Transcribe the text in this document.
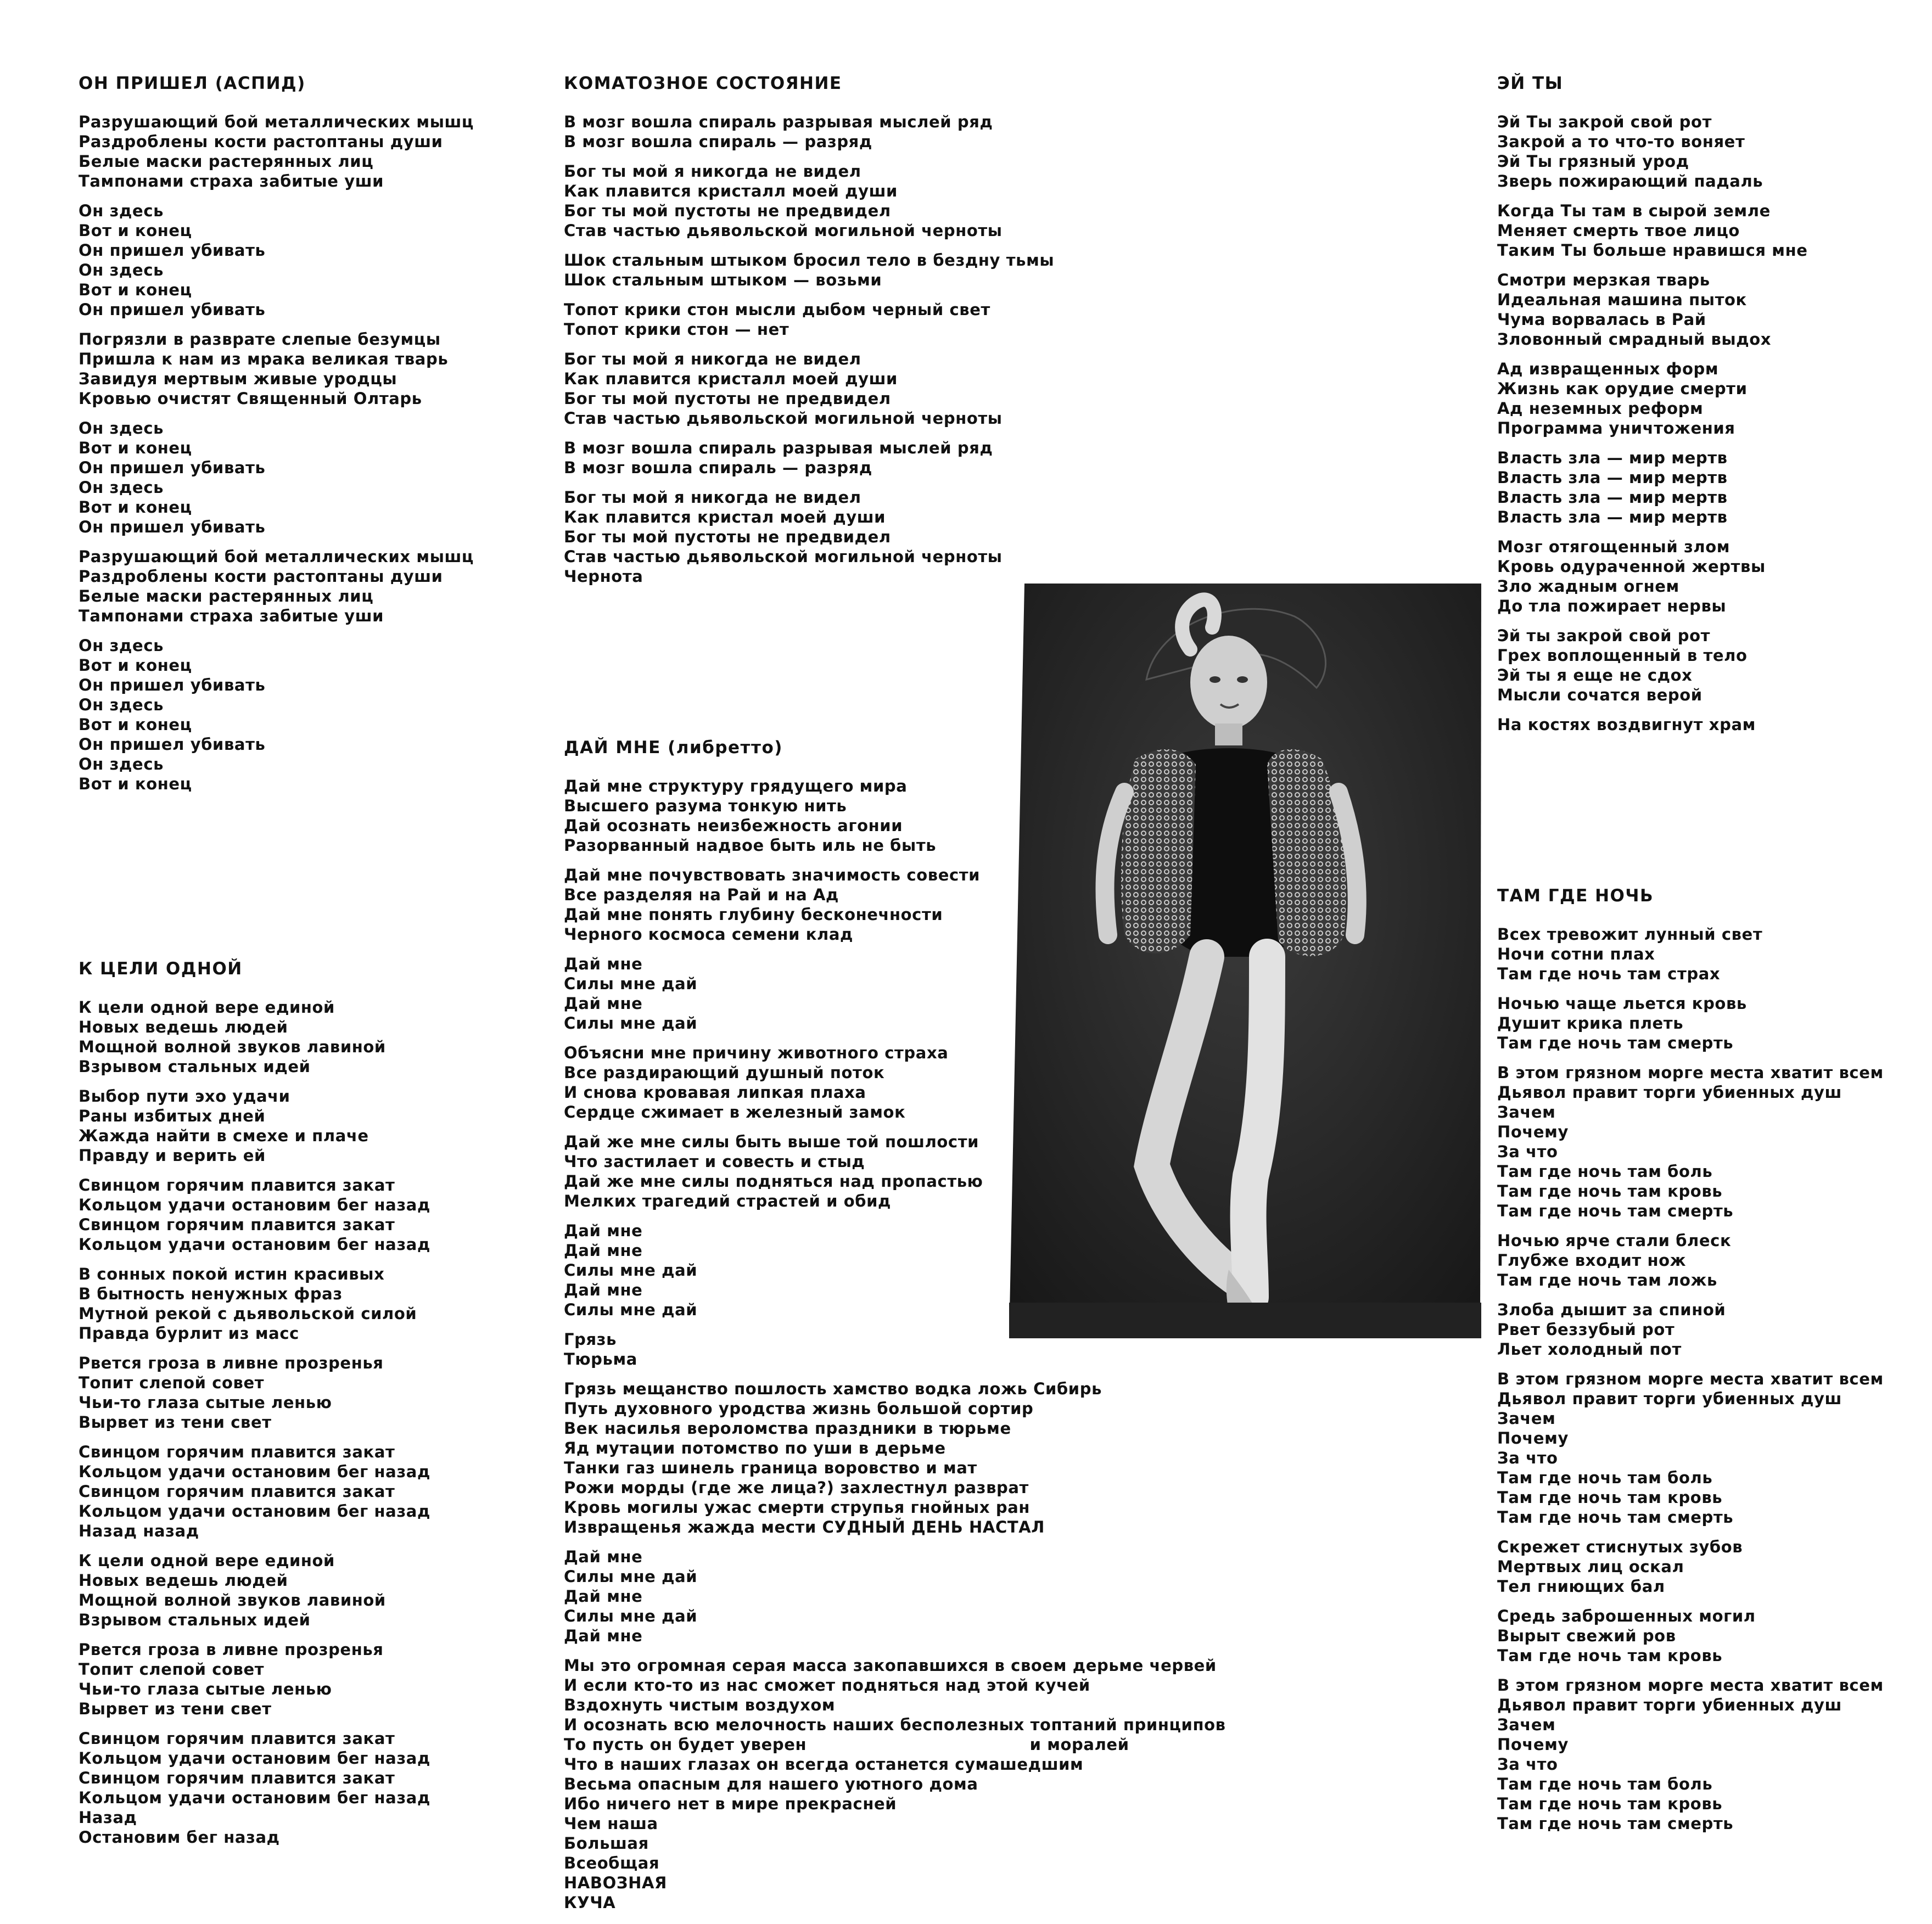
ОН ПРИШЕЛ (АСПИД)
Разрушающий бой металлических мышц
Раздроблены кости растоптаны души
Белые маски растерянных лиц
Тампонами страха забитые уши
Он здесь
Вот и конец
Он пришел убивать
Он здесь
Вот и конец
Он пришел убивать
Погрязли в разврате слепые безумцы
Пришла к нам из мрака великая тварь
Завидуя мертвым живые уродцы
Кровью очистят Священный Олтарь
Он здесь
Вот и конец
Он пришел убивать
Он здесь
Вот и конец
Он пришел убивать
Разрушающий бой металлических мышц
Раздроблены кости растоптаны души
Белые маски растерянных лиц
Тампонами страха забитые уши
Он здесь
Вот и конец
Он пришел убивать
Он здесь
Вот и конец
Он пришел убивать
Он здесь
Вот и конец
К ЦЕЛИ ОДНОЙ
К цели одной вере единой
Новых ведешь людей
Мощной волной звуков лавиной
Взрывом стальных идей
Выбор пути эхо удачи
Раны избитых дней
Жажда найти в смехе и плаче
Правду и верить ей
Свинцом горячим плавится закат
Кольцом удачи остановим бег назад
Свинцом горячим плавится закат
Кольцом удачи остановим бег назад
В сонных покой истин красивых
В бытность ненужных фраз
Мутной рекой с дьявольской силой
Правда бурлит из масс
Рвется гроза в ливне прозренья
Топит слепой совет
Чьи-то глаза сытые ленью
Вырвет из тени свет
Свинцом горячим плавится закат
Кольцом удачи остановим бег назад
Свинцом горячим плавится закат
Кольцом удачи остановим бег назад
Назад назад
К цели одной вере единой
Новых ведешь людей
Мощной волной звуков лавиной
Взрывом стальных идей
Рвется гроза в ливне прозренья
Топит слепой совет
Чьи-то глаза сытые ленью
Вырвет из тени свет
Свинцом горячим плавится закат
Кольцом удачи остановим бег назад
Свинцом горячим плавится закат
Кольцом удачи остановим бег назад
Назад
Остановим бег назад
КОМАТОЗНОЕ СОСТОЯНИЕ
В мозг вошла спираль разрывая мыслей ряд
В мозг вошла спираль — разряд
Бог ты мой я никогда не видел
Как плавится кристалл моей души
Бог ты мой пустоты не предвидел
Став частью дьявольской могильной черноты
Шок стальным штыком бросил тело в бездну тьмы
Шок стальным штыком — возьми
Топот крики стон мысли дыбом черный свет
Топот крики стон — нет
Бог ты мой я никогда не видел
Как плавится кристалл моей души
Бог ты мой пустоты не предвидел
Став частью дьявольской могильной черноты
В мозг вошла спираль разрывая мыслей ряд
В мозг вошла спираль — разряд
Бог ты мой я никогда не видел
Как плавится кристал моей души
Бог ты мой пустоты не предвидел
Став частью дьявольской могильной черноты
Чернота
ДАЙ МНЕ (либретто)
Дай мне структуру грядущего мира
Высшего разума тонкую нить
Дай осознать неизбежность агонии
Разорванный надвое быть иль не быть
Дай мне почувствовать значимость совести
Все разделяя на Рай и на Ад
Дай мне понять глубину бесконечности
Черного космоса семени клад
Дай мне
Силы мне дай
Дай мне
Силы мне дай
Объясни мне причину животного страха
Все раздирающий душный поток
И снова кровавая липкая плаха
Сердце сжимает в железный замок
Дай же мне силы быть выше той пошлости
Что застилает и совесть и стыд
Дай же мне силы подняться над пропастью
Мелких трагедий страстей и обид
Дай мне
Дай мне
Силы мне дай
Дай мне
Силы мне дай
Грязь
Тюрьма
Грязь мещанство пошлость хамство водка ложь Сибирь
Путь духовного уродства жизнь большой сортир
Век насилья вероломства праздники в тюрьме
Яд мутации потомство по уши в дерьме
Танки газ шинель граница воровство и мат
Рожи морды (где же лица?) захлестнул разврат
Кровь могилы ужас смерти струпья гнойных ран
Извращенья жажда мести СУДНЫЙ ДЕНЬ НАСТАЛ
Дай мне
Силы мне дай
Дай мне
Силы мне дай
Дай мне
Мы это огромная серая масса закопавшихся в своем дерьме червей
И если кто-то из нас сможет подняться над этой кучей
Вздохнуть чистым воздухом
И осознать всю мелочность наших бесполезных топтаний принципов
То пусть он будет уверен                                      и моралей
Что в наших глазах он всегда останется сумашедшим
Весьма опасным для нашего уютного дома
Ибо ничего нет в мире прекрасней
Чем наша
Большая
Всеобщая
НАВОЗНАЯ
КУЧА
ЭЙ ТЫ
Эй Ты закрой свой рот
Закрой а то что-то воняет
Эй Ты грязный урод
Зверь пожирающий падаль
Когда Ты там в сырой земле
Меняет смерть твое лицо
Таким Ты больше нравишся мне
Смотри мерзкая тварь
Идеальная машина пыток
Чума ворвалась в Рай
Зловонный смрадный выдох
Ад извращенных форм
Жизнь как орудие смерти
Ад неземных реформ
Программа уничтожения
Власть зла — мир мертв
Власть зла — мир мертв
Власть зла — мир мертв
Власть зла — мир мертв
Мозг отягощенный злом
Кровь одураченной жертвы
Зло жадным огнем
До тла пожирает нервы
Эй ты закрой свой рот
Грех воплощенный в тело
Эй ты я еще не сдох
Мысли сочатся верой
На костях воздвигнут храм
ТАМ ГДЕ НОЧЬ
Всех тревожит лунный свет
Ночи сотни плах
Там где ночь там страх
Ночью чаще льется кровь
Душит крика плеть
Там где ночь там смерть
В этом грязном морге места хватит всем
Дьявол правит торги убиенных душ
Зачем
Почему
За что
Там где ночь там боль
Там где ночь там кровь
Там где ночь там смерть
Ночью ярче стали блеск
Глубже входит нож
Там где ночь там ложь
Злоба дышит за спиной
Рвет беззубый рот
Льет холодный пот
В этом грязном морге места хватит всем
Дьявол правит торги убиенных душ
Зачем
Почему
За что
Там где ночь там боль
Там где ночь там кровь
Там где ночь там смерть
Скрежет стиснутых зубов
Мертвых лиц оскал
Тел гниющих бал
Средь заброшенных могил
Вырыт свежий ров
Там где ночь там кровь
В этом грязном морге места хватит всем
Дьявол правит торги убиенных душ
Зачем
Почему
За что
Там где ночь там боль
Там где ночь там кровь
Там где ночь там смерть
